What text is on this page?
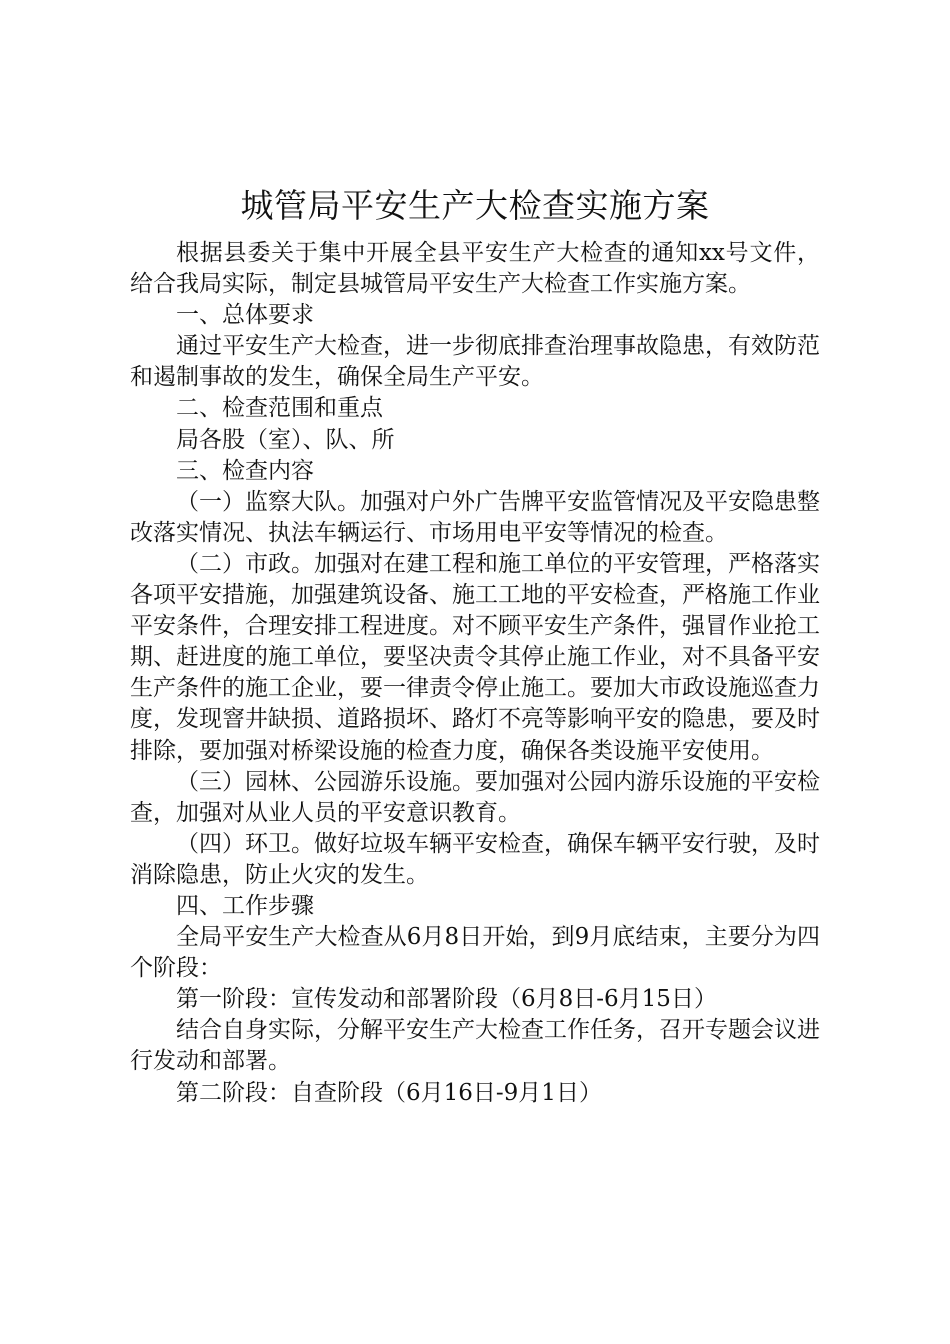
城管局平安生产大检查实施方案

根据县委关于集中开展全县平安生产大检查的通知xx号文件，给合我局实际，制定县城管局平安生产大检查工作实施方案。

一、总体要求

通过平安生产大检查，进一步彻底排查治理事故隐患，有效防范和遏制事故的发生，确保全局生产平安。

二、检查范围和重点

局各股（室）、队、所

三、检查内容

（一）监察大队。加强对户外广告牌平安监管情况及平安隐患整改落实情况、执法车辆运行、市场用电平安等情况的检查。

（二）市政。加强对在建工程和施工单位的平安管理，严格落实各项平安措施，加强建筑设备、施工工地的平安检查，严格施工作业平安条件，合理安排工程进度。对不顾平安生产条件，强冒作业抢工期、赶进度的施工单位，要坚决责令其停止施工作业，对不具备平安生产条件的施工企业，要一律责令停止施工。要加大市政设施巡查力度，发现窨井缺损、道路损坏、路灯不亮等影响平安的隐患，要及时排除，要加强对桥梁设施的检查力度，确保各类设施平安使用。

（三）园林、公园游乐设施。要加强对公园内游乐设施的平安检查，加强对从业人员的平安意识教育。

（四）环卫。做好垃圾车辆平安检查，确保车辆平安行驶，及时消除隐患，防止火灾的发生。

四、工作步骤

全局平安生产大检查从6月8日开始，到9月底结束，主要分为四个阶段：

第一阶段：宣传发动和部署阶段（6月8日-6月15日）

结合自身实际，分解平安生产大检查工作任务，召开专题会议进行发动和部署。

第二阶段：自查阶段（6月16日-9月1日）
